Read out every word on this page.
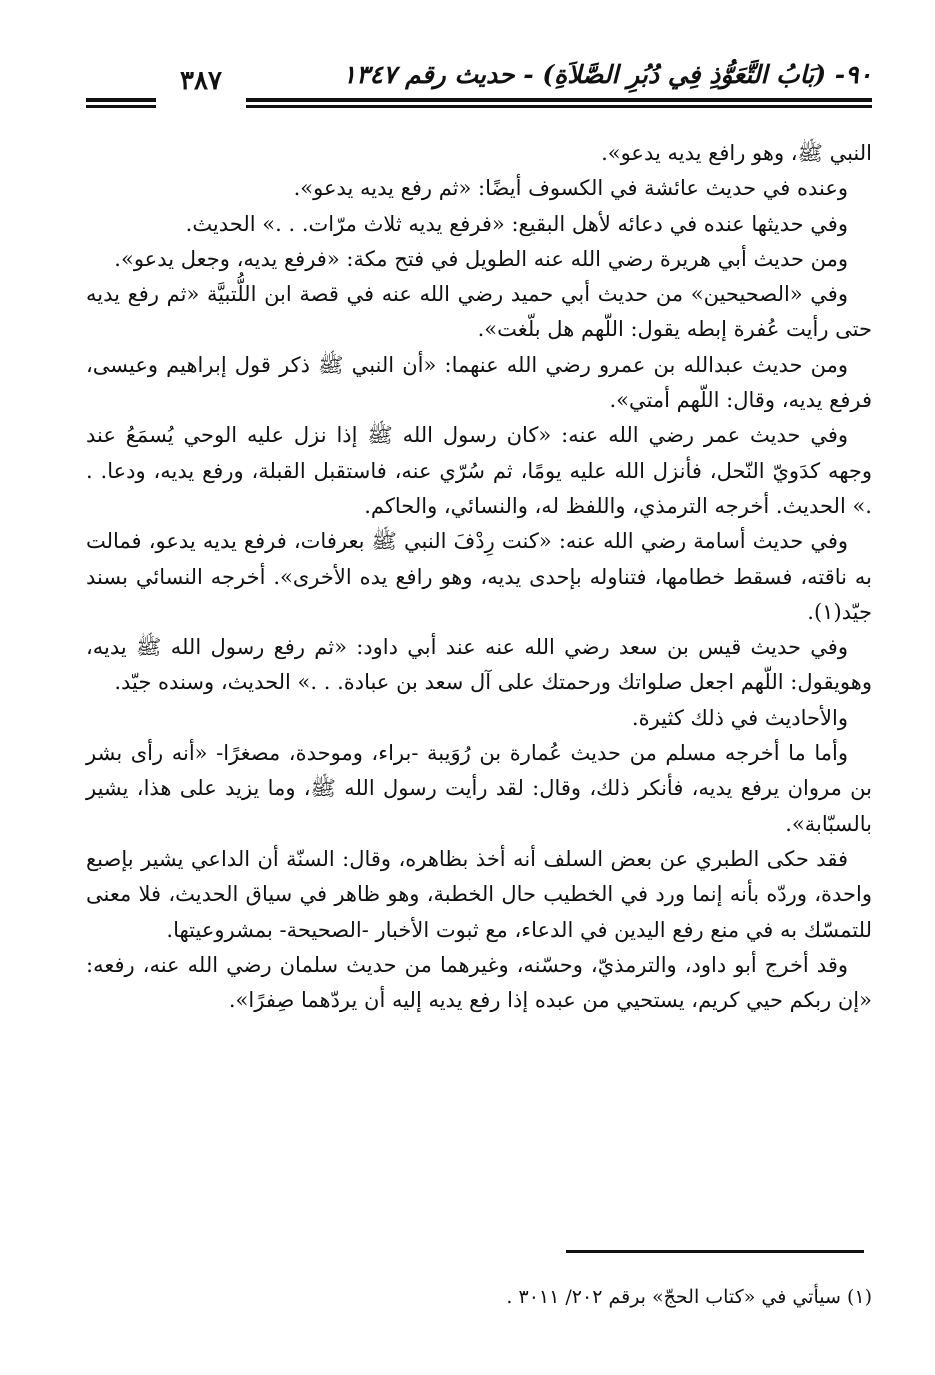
٣٨٧	٩٠- (بَابُ التَّعَوُّذِ فِي دُبُرِ الصَّلاَةِ) - حديث رقم ١٣٤٧

النبي ﷺ، وهو رافع يديه يدعو».

وعنده في حديث عائشة في الكسوف أيضًا: «ثم رفع يديه يدعو».

وفي حديثها عنده في دعائه لأهل البقيع: «فرفع يديه ثلاث مرّات. . .» الحديث.

ومن حديث أبي هريرة رضي الله عنه الطويل في فتح مكة: «فرفع يديه، وجعل يدعو».

وفي «الصحيحين» من حديث أبي حميد رضي الله عنه في قصة ابن اللُّتبيَّة «ثم رفع يديه حتى رأيت عُفرة إبطه يقول: اللّهم هل بلّغت».

ومن حديث عبدالله بن عمرو رضي الله عنهما: «أن النبي ﷺ ذكر قول إبراهيم وعيسى، فرفع يديه، وقال: اللّهم أمتي».

وفي حديث عمر رضي الله عنه: «كان رسول الله ﷺ إذا نزل عليه الوحي يُسمَعُ عند وجهه كدَويّ النّحل، فأنزل الله عليه يومًا، ثم سُرّي عنه، فاستقبل القبلة، ورفع يديه، ودعا. . .» الحديث. أخرجه الترمذي، واللفظ له، والنسائي، والحاكم.

وفي حديث أسامة رضي الله عنه: «كنت رِدْفَ النبي ﷺ بعرفات، فرفع يديه يدعو، فمالت به ناقته، فسقط خطامها، فتناوله بإحدى يديه، وهو رافع يده الأخرى». أخرجه النسائي بسند جيّد(١).

وفي حديث قيس بن سعد رضي الله عنه عند أبي داود: «ثم رفع رسول الله ﷺ يديه، وهويقول: اللّهم اجعل صلواتك ورحمتك على آل سعد بن عبادة. . .» الحديث، وسنده جيّد.

والأحاديث في ذلك كثيرة.

وأما ما أخرجه مسلم من حديث عُمارة بن رُوَيبة -براء، وموحدة، مصغرًا- «أنه رأى بشر بن مروان يرفع يديه، فأنكر ذلك، وقال: لقد رأيت رسول الله ﷺ، وما يزيد على هذا، يشير بالسبّابة».

فقد حكى الطبري عن بعض السلف أنه أخذ بظاهره، وقال: السنّة أن الداعي يشير بإصبع واحدة، وردّه بأنه إنما ورد في الخطيب حال الخطبة، وهو ظاهر في سياق الحديث، فلا معنى للتمسّك به في منع رفع اليدين في الدعاء، مع ثبوت الأخبار -الصحيحة- بمشروعيتها.

وقد أخرج أبو داود، والترمذيّ، وحسّنه، وغيرهما من حديث سلمان رضي الله عنه، رفعه: «إن ربكم حيي كريم، يستحيي من عبده إذا رفع يديه إليه أن يردّهما صِفرًا».

(١) سيأتي في «كتاب الحجّ» برقم ٢٠٢/ ٣٠١١ .
